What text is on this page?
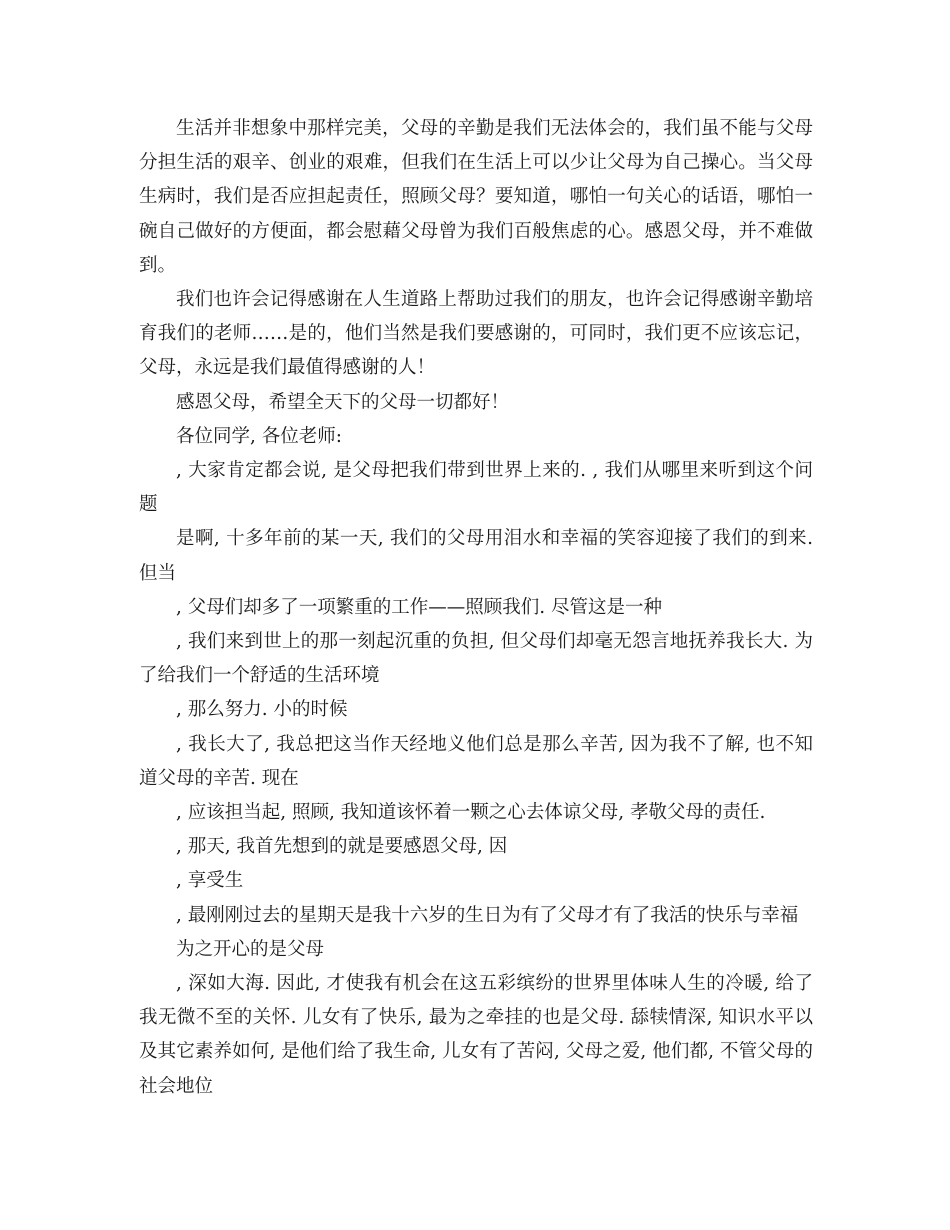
生活并非想象中那样完美，父母的辛勤是我们无法体会的，我们虽不能与父母分担生活的艰辛、创业的艰难，但我们在生活上可以少让父母为自己操心。当父母生病时，我们是否应担起责任，照顾父母？要知道，哪怕一句关心的话语，哪怕一碗自己做好的方便面，都会慰藉父母曾为我们百般焦虑的心。感恩父母，并不难做到。

我们也许会记得感谢在人生道路上帮助过我们的朋友，也许会记得感谢辛勤培育我们的老师……是的，他们当然是我们要感谢的，可同时，我们更不应该忘记，父母，永远是我们最值得感谢的人！

感恩父母，希望全天下的父母一切都好！

各位同学, 各位老师:

, 大家肯定都会说, 是父母把我们带到世界上来的. , 我们从哪里来听到这个问题

是啊, 十多年前的某一天, 我们的父母用泪水和幸福的笑容迎接了我们的到来. 但当

, 父母们却多了一项繁重的工作——照顾我们. 尽管这是一种

, 我们来到世上的那一刻起沉重的负担, 但父母们却毫无怨言地抚养我长大. 为了给我们一个舒适的生活环境

, 那么努力. 小的时候

, 我长大了, 我总把这当作天经地义他们总是那么辛苦, 因为我不了解, 也不知道父母的辛苦. 现在

, 应该担当起, 照顾, 我知道该怀着一颗之心去体谅父母, 孝敬父母的责任.

, 那天, 我首先想到的就是要感恩父母, 因

, 享受生

, 最刚刚过去的星期天是我十六岁的生日为有了父母才有了我活的快乐与幸福

为之开心的是父母

, 深如大海. 因此, 才使我有机会在这五彩缤纷的世界里体味人生的冷暖, 给了我无微不至的关怀. 儿女有了快乐, 最为之牵挂的也是父母. 舔犊情深, 知识水平以及其它素养如何, 是他们给了我生命, 儿女有了苦闷, 父母之爱, 他们都, 不管父母的社会地位
